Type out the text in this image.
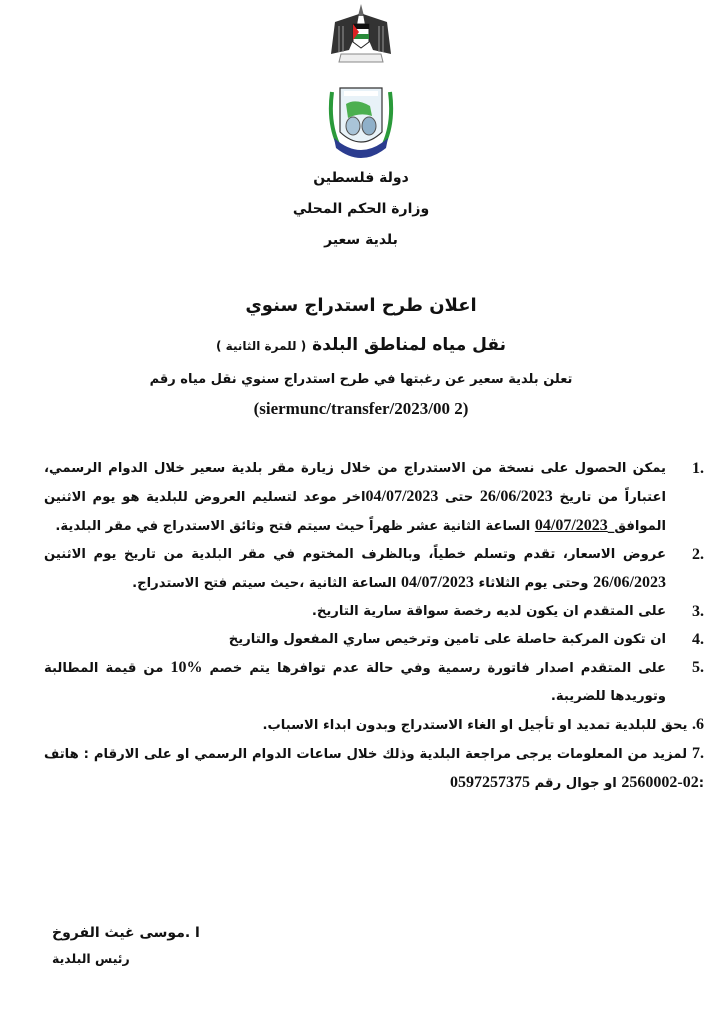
دولة فلسطين
وزارة الحكم المحلي
بلدية سعير
اعلان طرح استدراج سنوي
نقل مياه لمناطق البلدة ( للمرة الثانية )
تعلن بلدية سعير عن رغبتها في طرح استدراج سنوي نقل مياه رقم
(siermunc/transfer/2023/00 2)
1.
يمكن الحصول على نسخة من الاستدراج من خلال زيارة مقر بلدية سعير خلال الدوام الرسمي، اعتباراً من تاريخ 26/06/2023 حتى 04/07/2023اخر موعد لتسليم العروض للبلدية هو يوم الاثنين الموافق_04/07/2023 الساعة الثانية عشر ظهراً حيث سيتم فتح وثائق الاستدراج في مقر البلدية.
2.
عروض الاسعار، تقدم وتسلم خطياً، وبالظرف المختوم في مقر البلدية من تاريخ يوم الاثنين 26/06/2023 وحتى يوم الثلاثاء 04/07/2023 الساعة الثانية ،حيث سيتم فتح الاستدراج.
3.
على المتقدم ان يكون لديه رخصة سواقة سارية التاريخ.
4.
ان تكون المركبة حاصلة على تامين وترخيص ساري المفعول والتاريخ
5.
على المتقدم اصدار فاتورة رسمية وفي حالة عدم توافرها يتم خصم 10% من قيمة المطالبة وتوريدها للضريبة.
6. يحق للبلدية تمديد او تأجيل او الغاء الاستدراج وبدون ابداء الاسباب.
.7 لمزيد من المعلومات يرجى مراجعة البلدية وذلك خلال ساعات الدوام الرسمي او على الارقام : هاتف :2560002-02 او جوال رقم 0597257375
ا .موسى غيث الفروخ
رئيس البلدية
